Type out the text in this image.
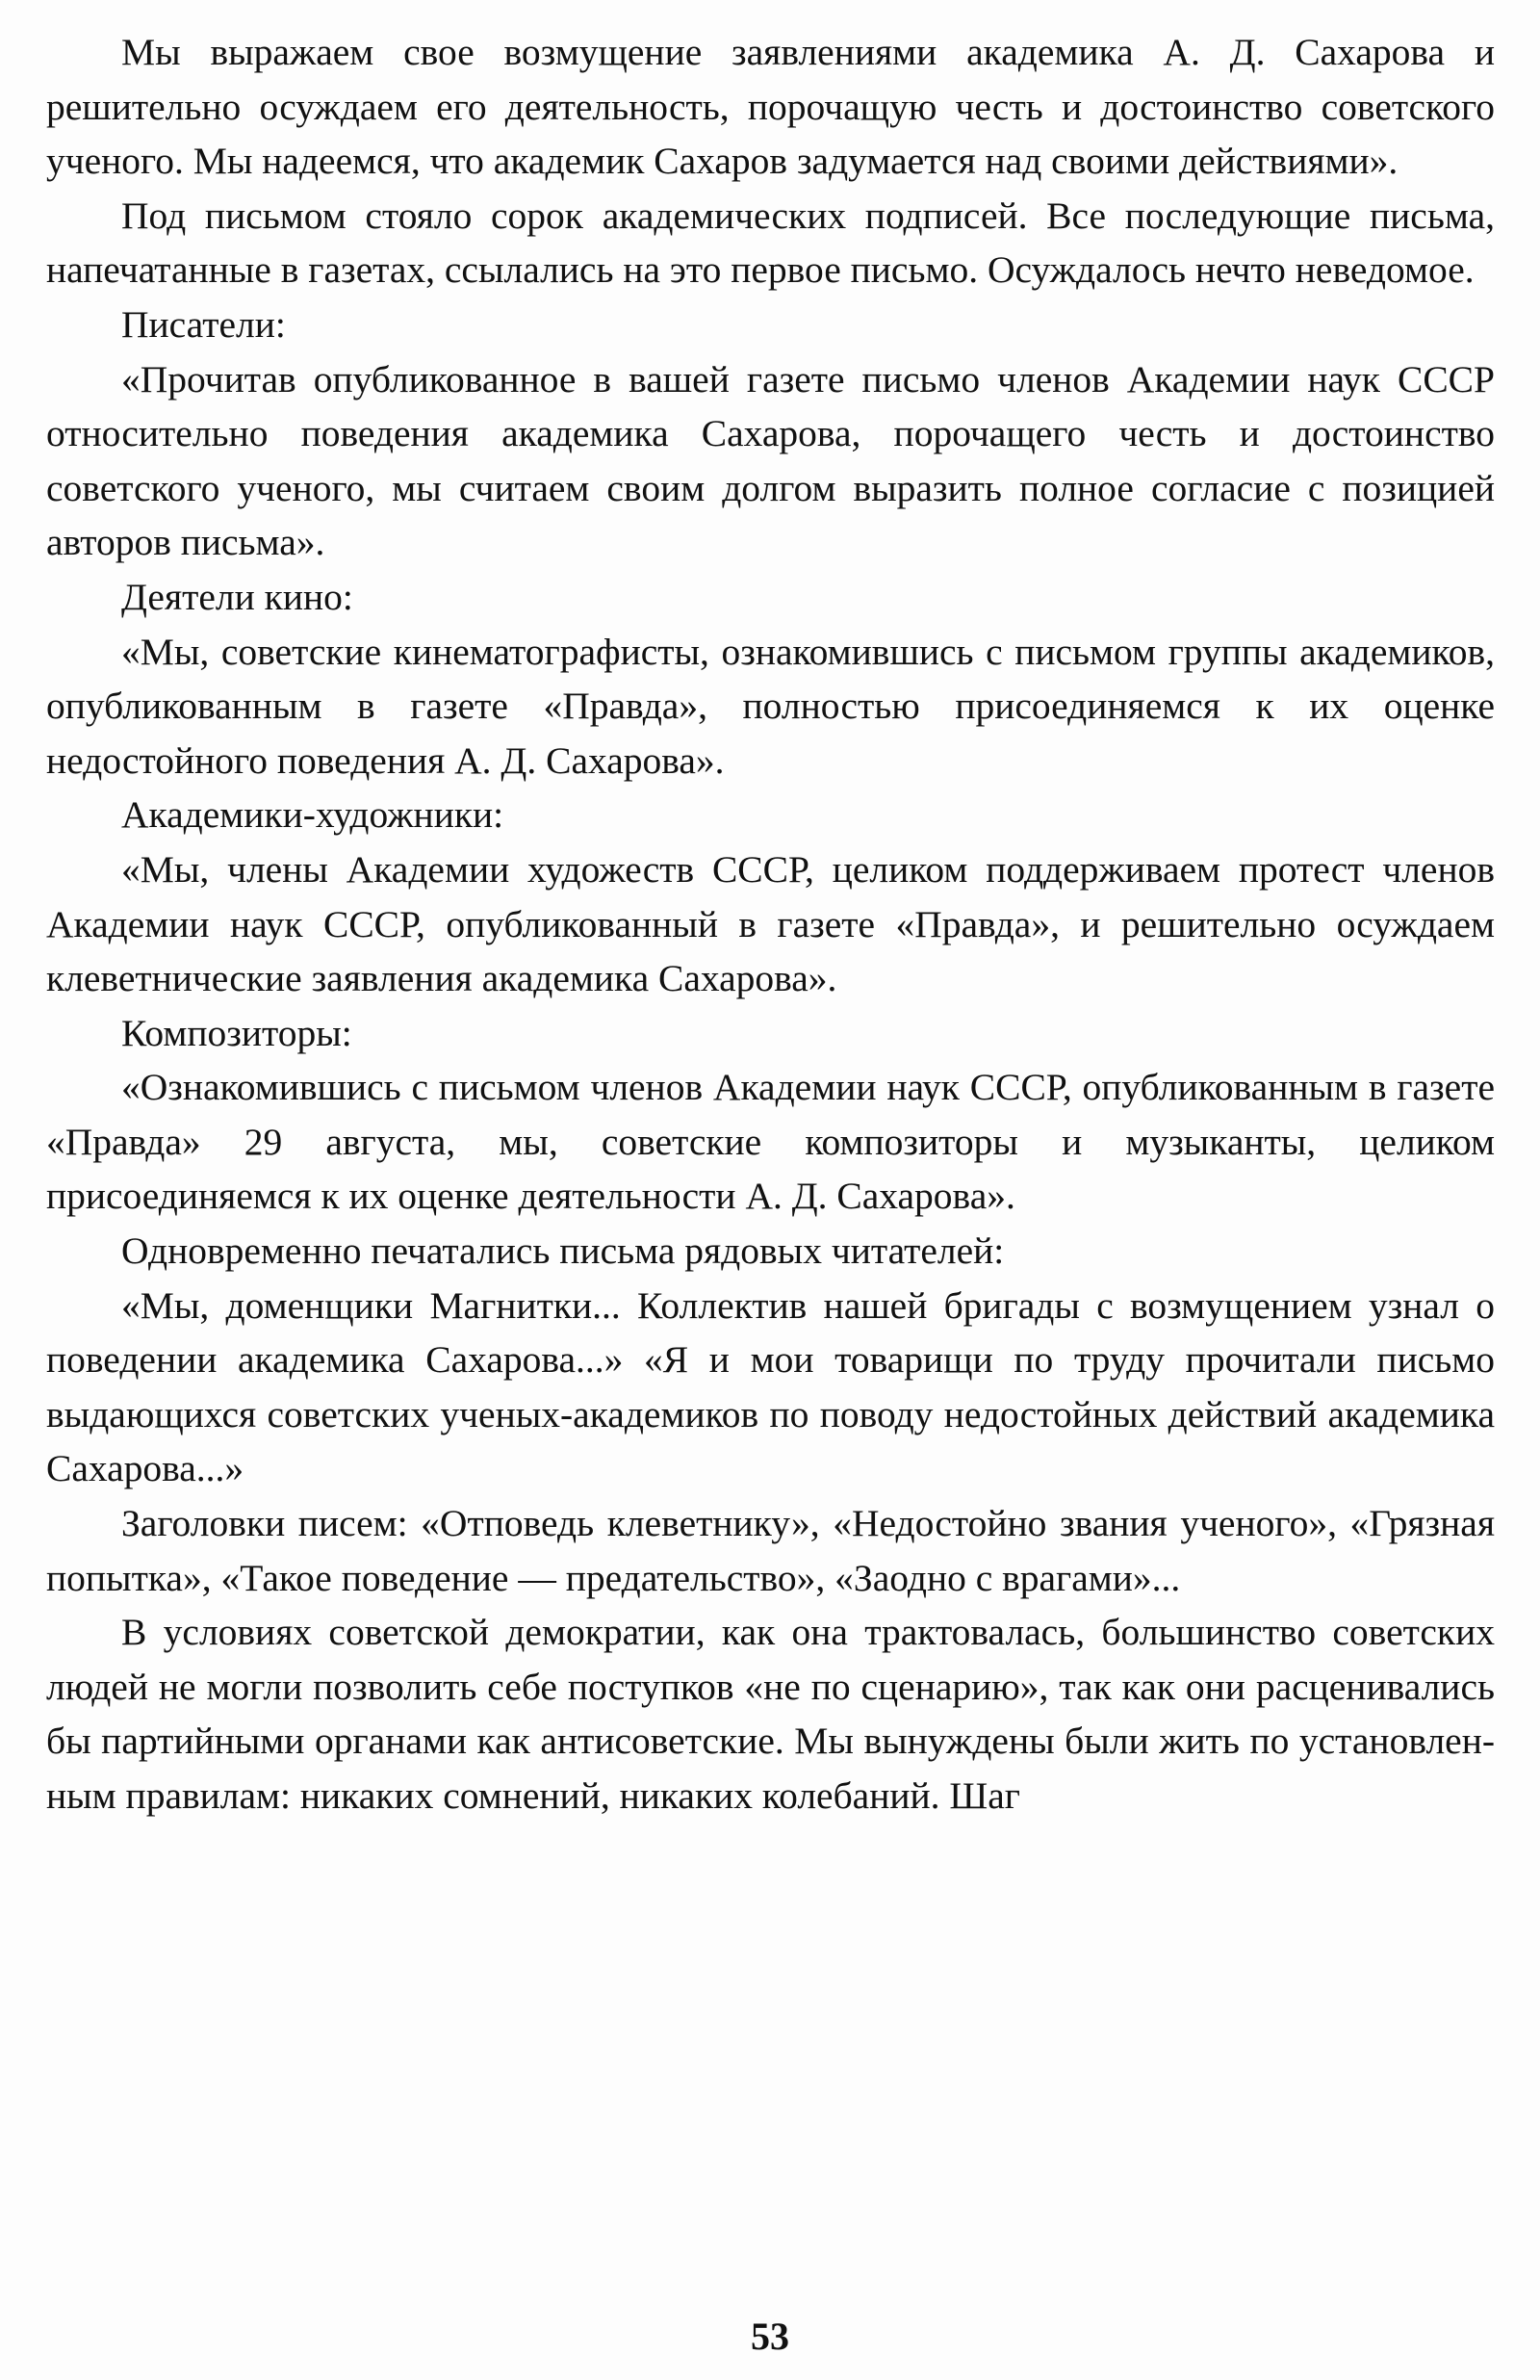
Мы выражаем свое возмущение заявлениями академика А. Д. Сахарова и решительно осуждаем его деятельность, порочащую честь и достоинство советского ученого. Мы надеемся, что академик Сахаров задумается над своими действиями».

Под письмом стояло сорок академических подписей. Все последующие письма, напечатанные в газетах, ссылались на это первое письмо. Осуждалось нечто неведомое.

Писатели:

«Прочитав опубликованное в вашей газете письмо членов Академии наук СССР относительно поведения академика Сахарова, порочащего честь и достоинство советского ученого, мы считаем своим долгом выразить полное согласие с позицией авторов письма».

Деятели кино:

«Мы, советские кинематографисты, ознакомившись с письмом группы академиков, опубликованным в газете «Правда», полностью присоединяемся к их оценке недостойного поведения А. Д. Сахарова».

Академики-художники:

«Мы, члены Академии художеств СССР, целиком поддерживаем протест членов Академии наук СССР, опубликованный в газете «Правда», и решительно осуждаем клеветнические заявления академика Сахарова».

Композиторы:

«Ознакомившись с письмом членов Академии наук СССР, опубликованным в газете «Правда» 29 августа, мы, советские композиторы и музыканты, целиком присоединяемся к их оценке деятельности А. Д. Сахарова».

Одновременно печатались письма рядовых читателей:

«Мы, доменщики Магнитки... Коллектив нашей бригады с возмущением узнал о поведении академика Сахарова...» «Я и мои товарищи по труду прочитали письмо выдающихся советских ученых-академиков по поводу недостойных действий академика Сахарова...»

Заголовки писем: «Отповедь клеветнику», «Недостойно звания ученого», «Грязная попытка», «Такое поведение — предательство», «Заодно с врагами»...

В условиях советской демократии, как она трактовалась, большинство советских людей не могли позволить себе поступков «не по сценарию», так как они расценивались бы партийными органами как антисоветские. Мы вынуждены были жить по установленным правилам: никаких сомнений, никаких колебаний. Шаг

53
